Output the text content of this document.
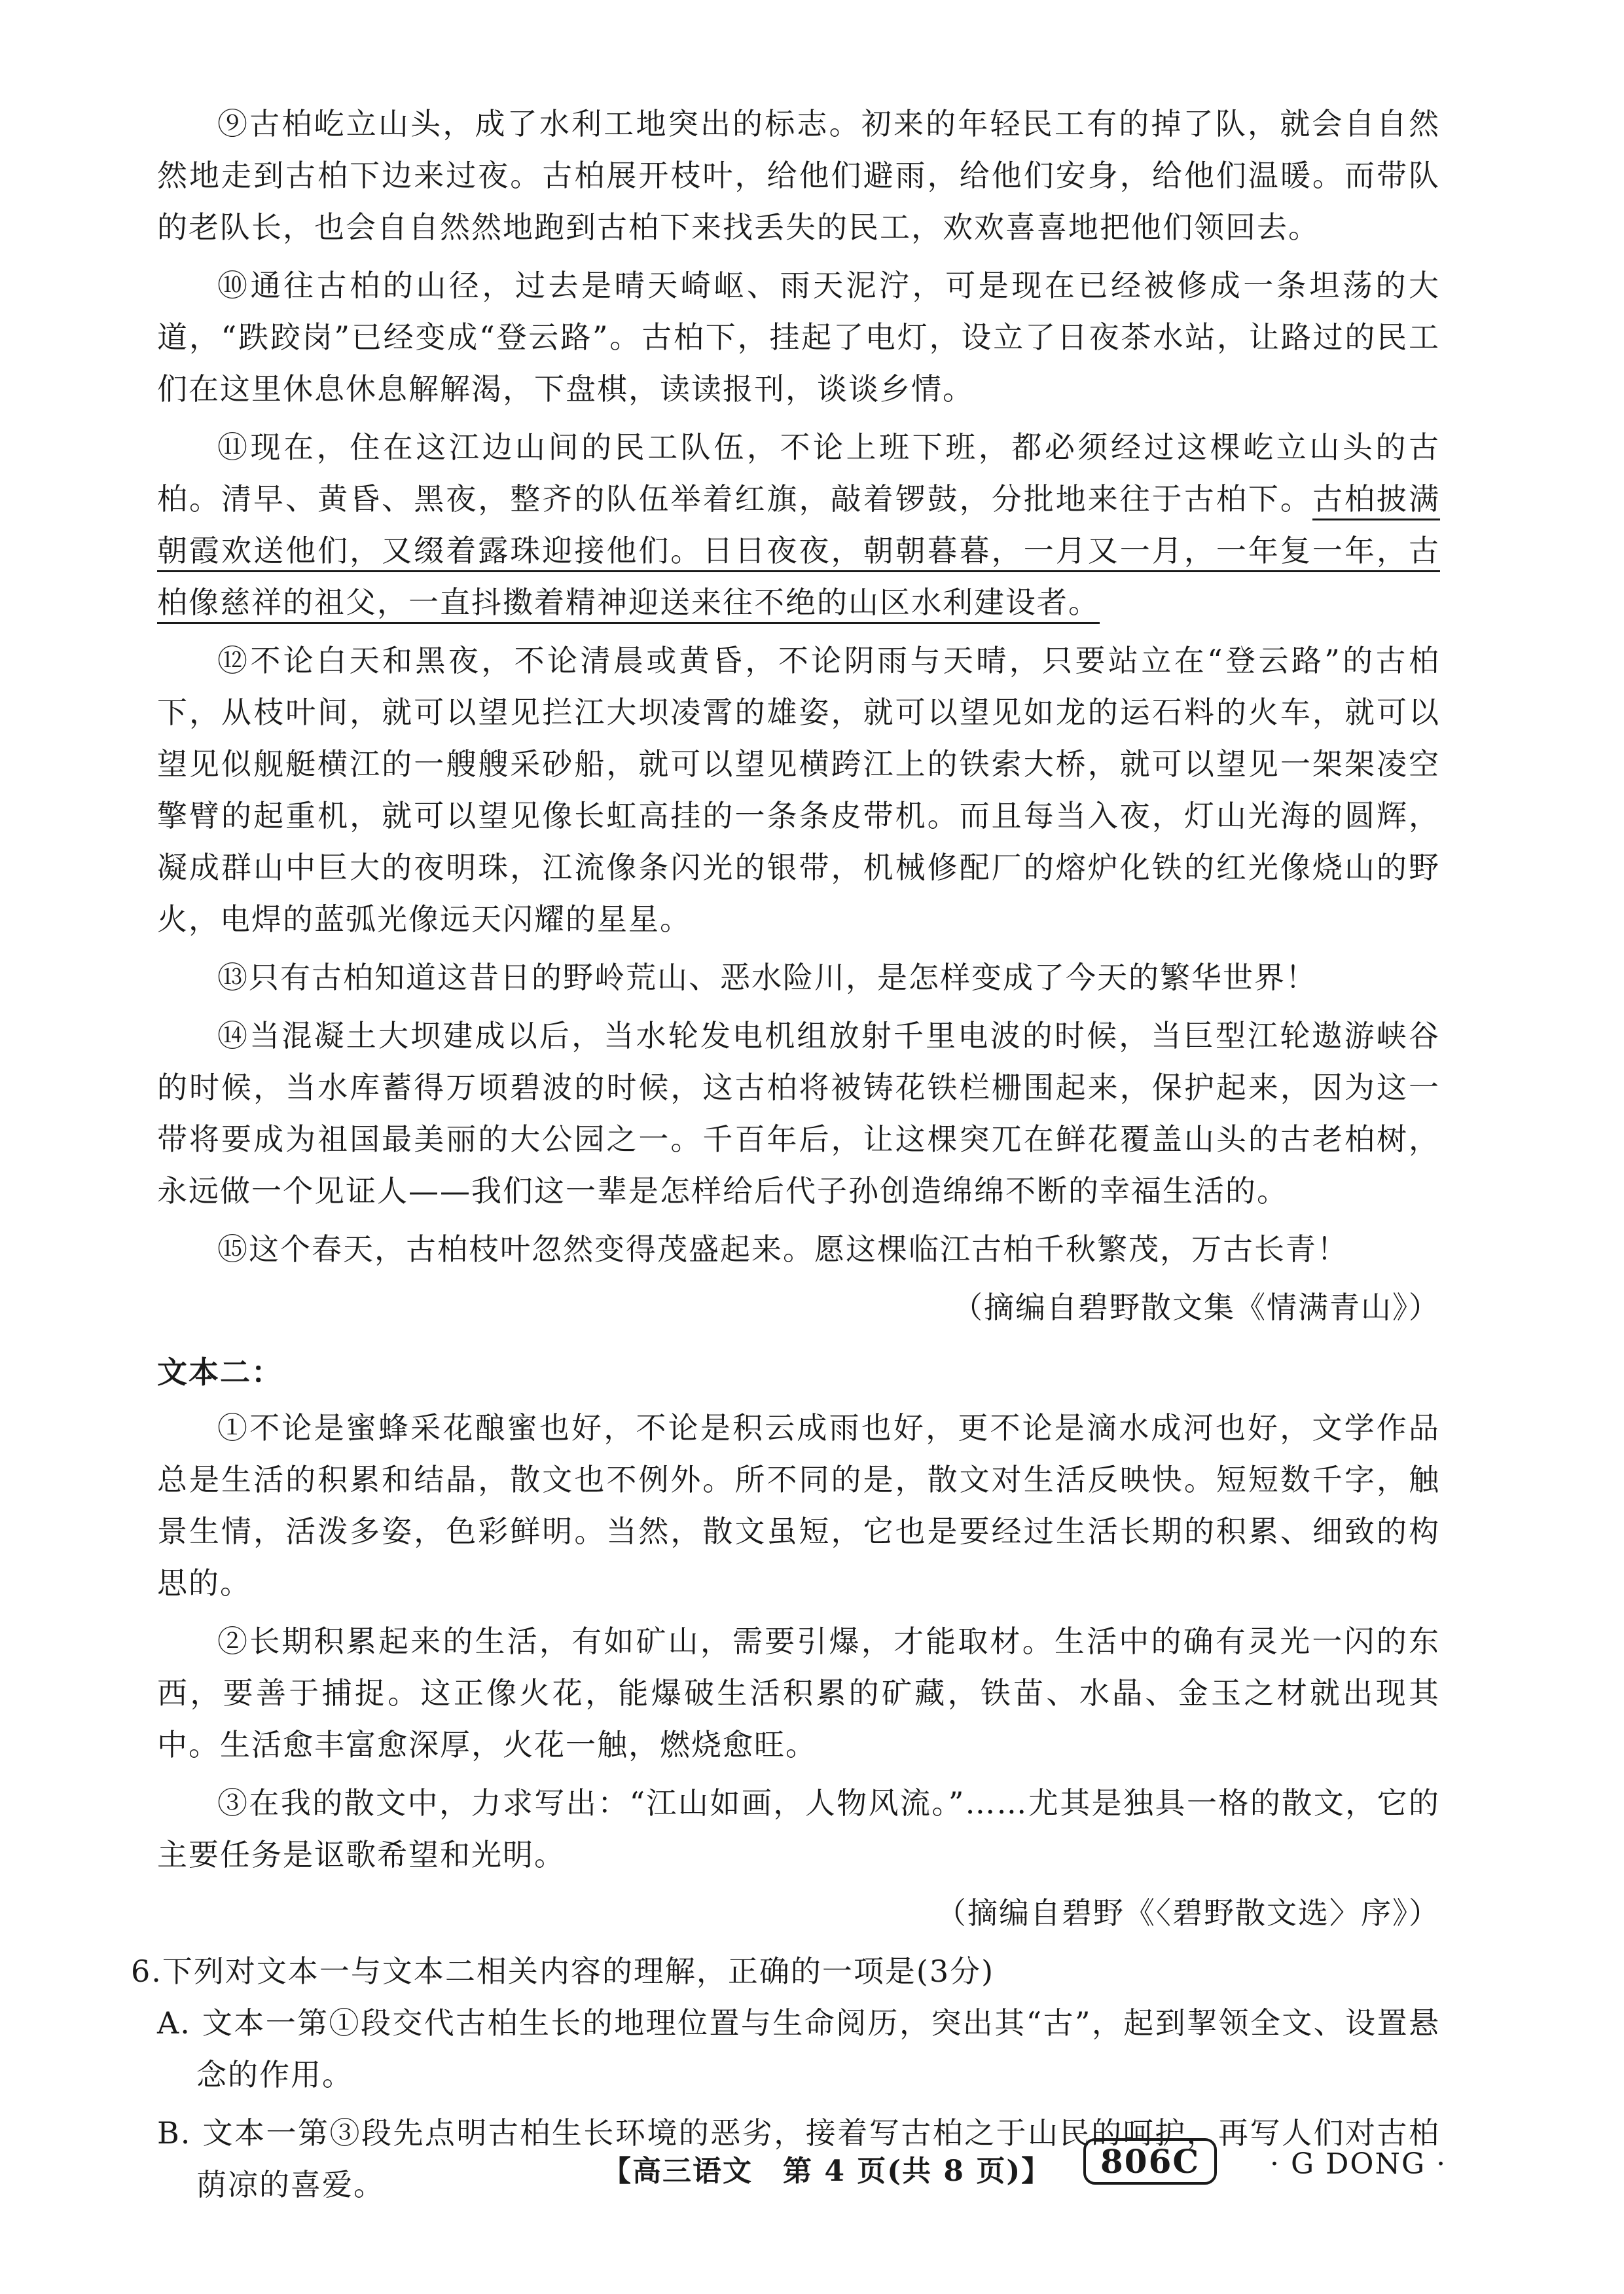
⑨古柏屹立山头，成了水利工地突出的标志。初来的年轻民工有的掉了队，就会自自然然地走到古柏下边来过夜。古柏展开枝叶，给他们避雨，给他们安身，给他们温暖。而带队的老队长，也会自自然然地跑到古柏下来找丢失的民工，欢欢喜喜地把他们领回去。

⑩通往古柏的山径，过去是晴天崎岖、雨天泥泞，可是现在已经被修成一条坦荡的大道，“跌跤岗”已经变成“登云路”。古柏下，挂起了电灯，设立了日夜茶水站，让路过的民工们在这里休息休息解解渴，下盘棋，读读报刊，谈谈乡情。

⑪现在，住在这江边山间的民工队伍，不论上班下班，都必须经过这棵屹立山头的古柏。清早、黄昏、黑夜，整齐的队伍举着红旗，敲着锣鼓，分批地来往于古柏下。古柏披满朝霞欢送他们，又缀着露珠迎接他们。日日夜夜，朝朝暮暮，一月又一月，一年复一年，古柏像慈祥的祖父，一直抖擞着精神迎送来往不绝的山区水利建设者。

⑫不论白天和黑夜，不论清晨或黄昏，不论阴雨与天晴，只要站立在“登云路”的古柏下，从枝叶间，就可以望见拦江大坝凌霄的雄姿，就可以望见如龙的运石料的火车，就可以望见似舰艇横江的一艘艘采砂船，就可以望见横跨江上的铁索大桥，就可以望见一架架凌空擎臂的起重机，就可以望见像长虹高挂的一条条皮带机。而且每当入夜，灯山光海的圆辉，凝成群山中巨大的夜明珠，江流像条闪光的银带，机械修配厂的熔炉化铁的红光像烧山的野火，电焊的蓝弧光像远天闪耀的星星。

⑬只有古柏知道这昔日的野岭荒山、恶水险川，是怎样变成了今天的繁华世界！

⑭当混凝土大坝建成以后，当水轮发电机组放射千里电波的时候，当巨型江轮遨游峡谷的时候，当水库蓄得万顷碧波的时候，这古柏将被铸花铁栏栅围起来，保护起来，因为这一带将要成为祖国最美丽的大公园之一。千百年后，让这棵突兀在鲜花覆盖山头的古老柏树，永远做一个见证人——我们这一辈是怎样给后代子孙创造绵绵不断的幸福生活的。

⑮这个春天，古柏枝叶忽然变得茂盛起来。愿这棵临江古柏千秋繁茂，万古长青！

（摘编自碧野散文集《情满青山》）
文本二：

①不论是蜜蜂采花酿蜜也好，不论是积云成雨也好，更不论是滴水成河也好，文学作品总是生活的积累和结晶，散文也不例外。所不同的是，散文对生活反映快。短短数千字，触景生情，活泼多姿，色彩鲜明。当然，散文虽短，它也是要经过生活长期的积累、细致的构思的。

②长期积累起来的生活，有如矿山，需要引爆，才能取材。生活中的确有灵光一闪的东西，要善于捕捉。这正像火花，能爆破生活积累的矿藏，铁苗、水晶、金玉之材就出现其中。生活愈丰富愈深厚，火花一触，燃烧愈旺。

③在我的散文中，力求写出：“江山如画，人物风流。”……尤其是独具一格的散文，它的主要任务是讴歌希望和光明。

（摘编自碧野《〈碧野散文选〉序》）

6.下列对文本一与文本二相关内容的理解，正确的一项是(3分)

A. 文本一第①段交代古柏生长的地理位置与生命阅历，突出其“古”，起到挈领全文、设置悬念的作用。

B. 文本一第③段先点明古柏生长环境的恶劣，接着写古柏之于山民的呵护，再写人们对古柏荫凉的喜爱。	【高三语文　第 4 页(共 8 页)】	806C	· G DONG ·
